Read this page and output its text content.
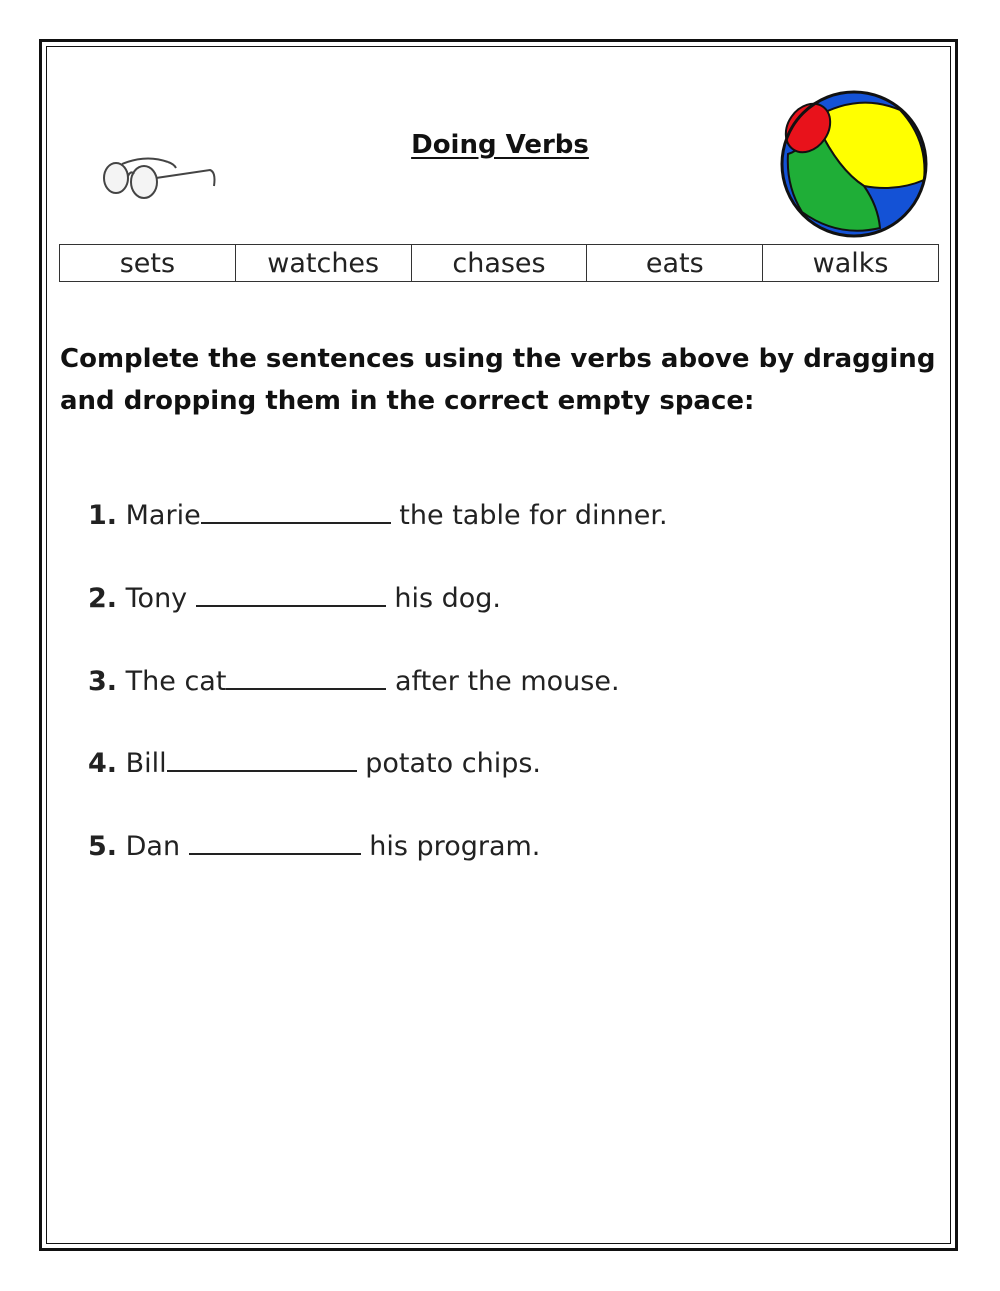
Doing Verbs
sets	watches	chases	eats	walks
Complete the sentences using the verbs above by dragging and dropping them in the correct empty space:
1. Marie	the table for dinner.
2. Tony	his dog.
3. The cat	after the mouse.
4. Bill	potato chips.
5. Dan	his program.
